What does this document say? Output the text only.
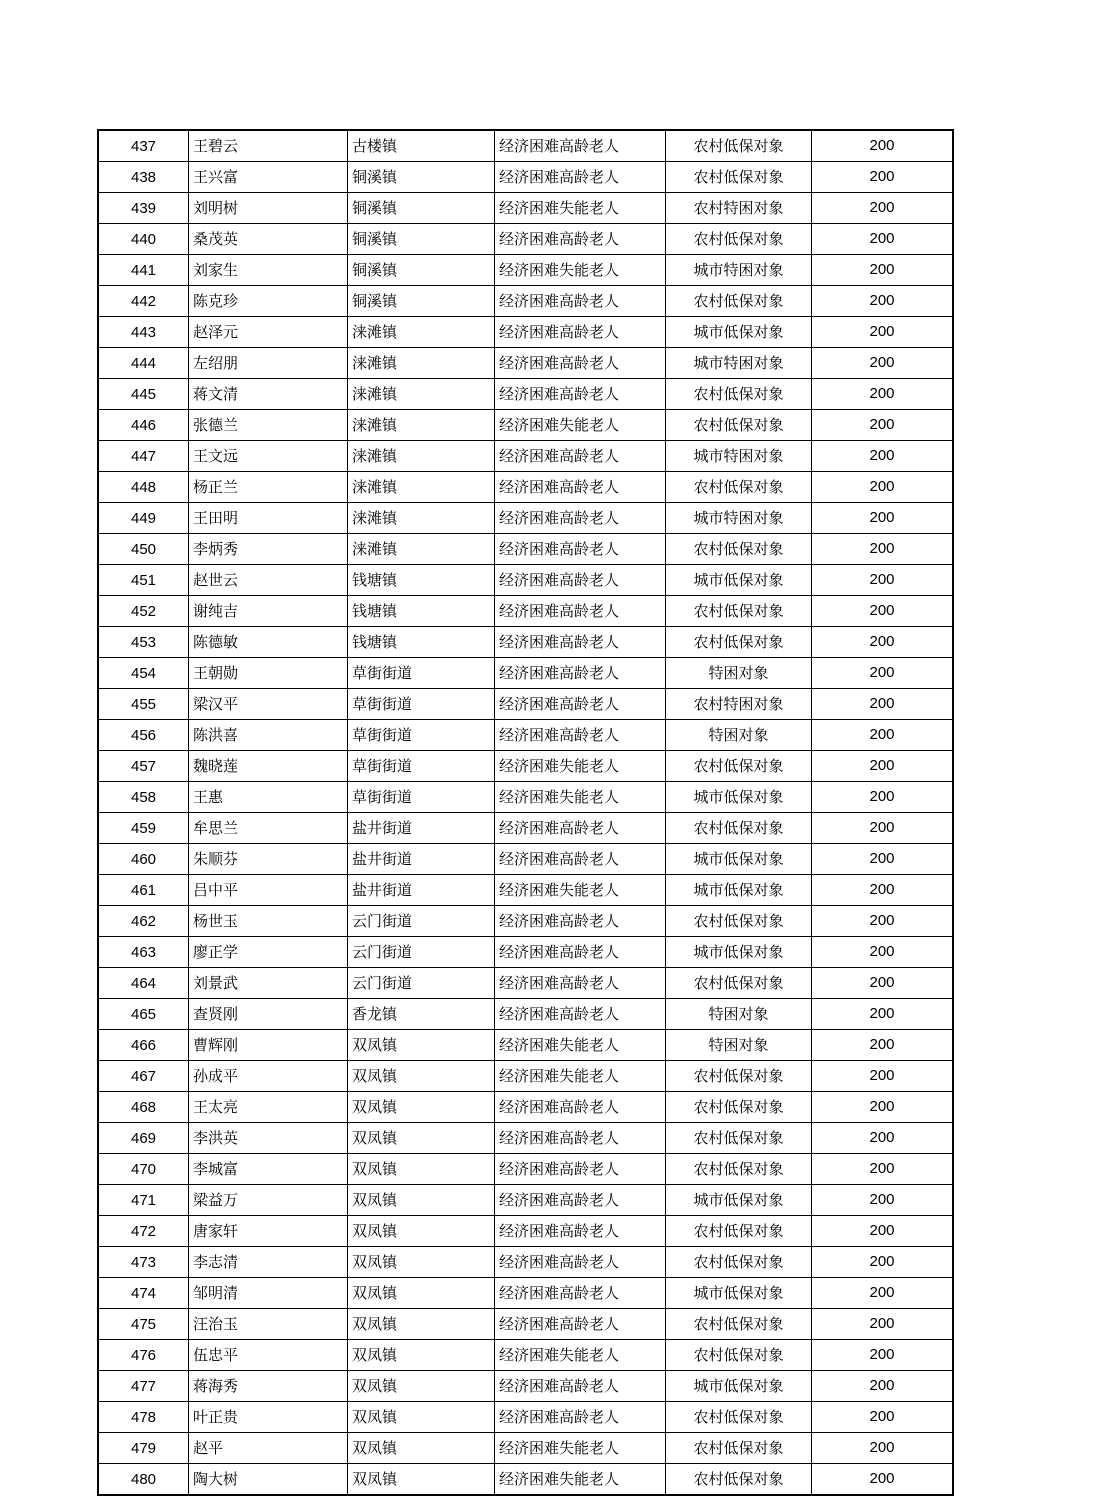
437	王碧云	古楼镇	经济困难高龄老人	农村低保对象	200
438	王兴富	铜溪镇	经济困难高龄老人	农村低保对象	200
439	刘明树	铜溪镇	经济困难失能老人	农村特困对象	200
440	桑茂英	铜溪镇	经济困难高龄老人	农村低保对象	200
441	刘家生	铜溪镇	经济困难失能老人	城市特困对象	200
442	陈克珍	铜溪镇	经济困难高龄老人	农村低保对象	200
443	赵泽元	涞滩镇	经济困难高龄老人	城市低保对象	200
444	左绍朋	涞滩镇	经济困难高龄老人	城市特困对象	200
445	蒋文清	涞滩镇	经济困难高龄老人	农村低保对象	200
446	张德兰	涞滩镇	经济困难失能老人	农村低保对象	200
447	王文远	涞滩镇	经济困难高龄老人	城市特困对象	200
448	杨正兰	涞滩镇	经济困难高龄老人	农村低保对象	200
449	王田明	涞滩镇	经济困难高龄老人	城市特困对象	200
450	李炳秀	涞滩镇	经济困难高龄老人	农村低保对象	200
451	赵世云	钱塘镇	经济困难高龄老人	城市低保对象	200
452	谢纯吉	钱塘镇	经济困难高龄老人	农村低保对象	200
453	陈德敏	钱塘镇	经济困难高龄老人	农村低保对象	200
454	王朝勋	草街街道	经济困难高龄老人	特困对象	200
455	梁汉平	草街街道	经济困难高龄老人	农村特困对象	200
456	陈洪喜	草街街道	经济困难高龄老人	特困对象	200
457	魏晓莲	草街街道	经济困难失能老人	农村低保对象	200
458	王惠	草街街道	经济困难失能老人	城市低保对象	200
459	牟思兰	盐井街道	经济困难高龄老人	农村低保对象	200
460	朱顺芬	盐井街道	经济困难高龄老人	城市低保对象	200
461	吕中平	盐井街道	经济困难失能老人	城市低保对象	200
462	杨世玉	云门街道	经济困难高龄老人	农村低保对象	200
463	廖正学	云门街道	经济困难高龄老人	城市低保对象	200
464	刘景武	云门街道	经济困难高龄老人	农村低保对象	200
465	查贤刚	香龙镇	经济困难高龄老人	特困对象	200
466	曹辉刚	双凤镇	经济困难失能老人	特困对象	200
467	孙成平	双凤镇	经济困难失能老人	农村低保对象	200
468	王太亮	双凤镇	经济困难高龄老人	农村低保对象	200
469	李洪英	双凤镇	经济困难高龄老人	农村低保对象	200
470	李城富	双凤镇	经济困难高龄老人	农村低保对象	200
471	梁益万	双凤镇	经济困难高龄老人	城市低保对象	200
472	唐家轩	双凤镇	经济困难高龄老人	农村低保对象	200
473	李志清	双凤镇	经济困难高龄老人	农村低保对象	200
474	邹明清	双凤镇	经济困难高龄老人	城市低保对象	200
475	汪治玉	双凤镇	经济困难高龄老人	农村低保对象	200
476	伍忠平	双凤镇	经济困难失能老人	农村低保对象	200
477	蒋海秀	双凤镇	经济困难高龄老人	城市低保对象	200
478	叶正贵	双凤镇	经济困难高龄老人	农村低保对象	200
479	赵平	双凤镇	经济困难失能老人	农村低保对象	200
480	陶大树	双凤镇	经济困难失能老人	农村低保对象	200
